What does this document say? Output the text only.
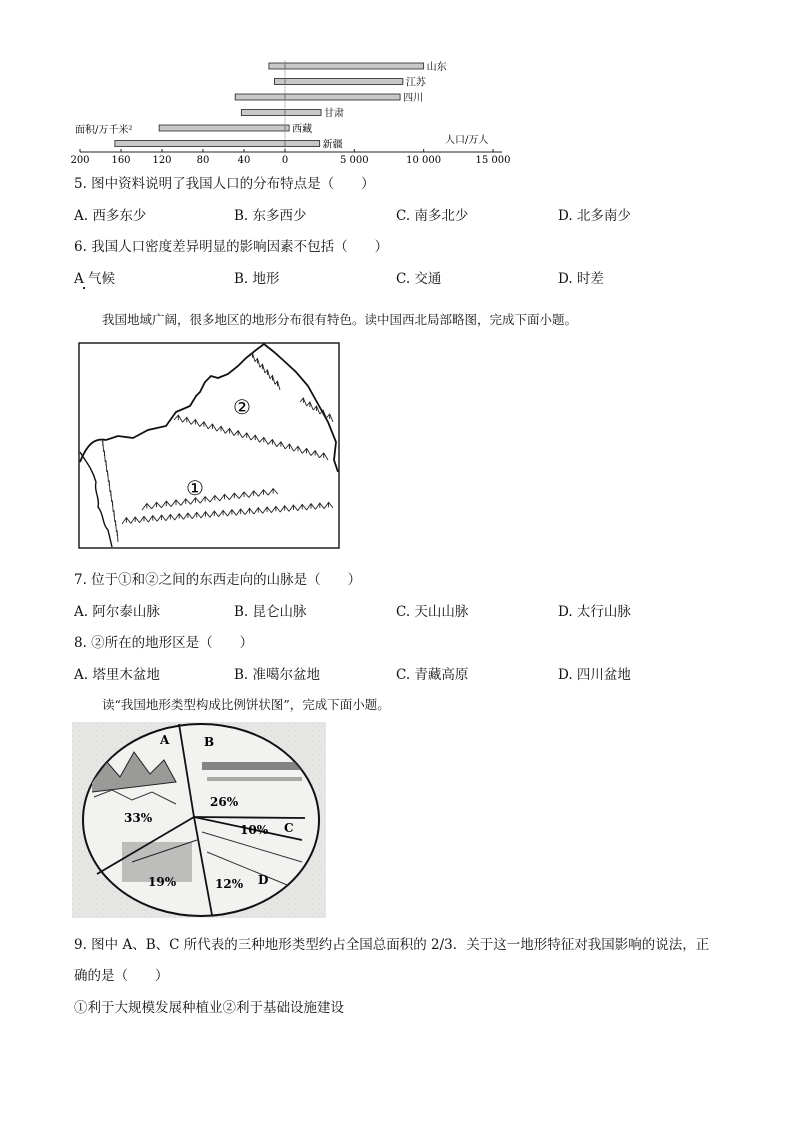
山东
江苏
四川
甘肃
西藏
新疆
200 160 120	80	40	0	5 000	10 000	15 000
面积/万千米²
人口/万人
5. 图中资料说明了我国人口的分布特点是（　　）
A. 西多东少	B. 东多西少	C. 南多北少	D. 北多南少
6. 我国人口密度差异明显的影响因素不包括（　　）
A 气候	B. 地形	C. 交通	D. 时差
我国地域广阔，很多地区的地形分布很有特色。读中国西北局部略图，完成下面小题。
②
①
7. 位于①和②之间的东西走向的山脉是（　　）
A. 阿尔泰山脉	B. 昆仑山脉	C. 天山山脉	D. 太行山脉
8. ②所在的地形区是（　　）
A. 塔里木盆地	B. 准噶尔盆地	C. 青藏高原	D. 四川盆地
读“我国地形类型构成比例饼状图”，完成下面小题。
A	B
C
D
33%
26%
10%
12%
19%
9. 图中 A、B、C 所代表的三种地形类型约占全国总面积的 2/3．关于这一地形特征对我国影响的说法，正
确的是（　　）
①利于大规模发展种植业②利于基础设施建设
